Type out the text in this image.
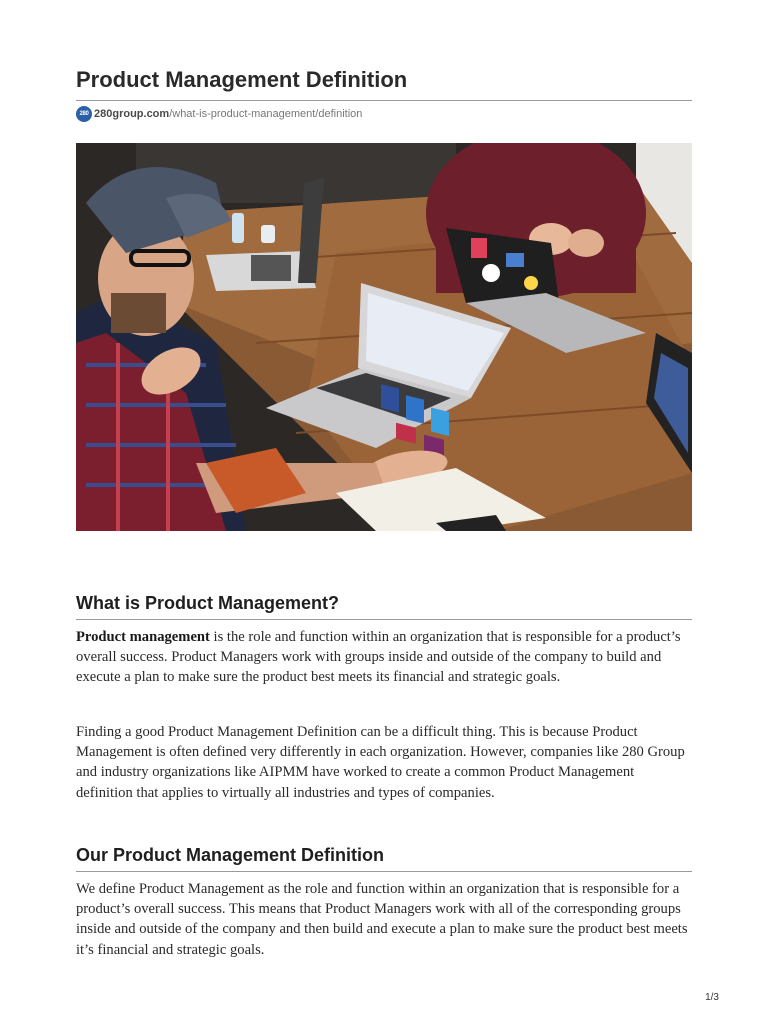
Product Management Definition
280 280group.com /what-is-product-management/definition
What is Product Management?

Product management is the role and function within an organization that is responsible for a product’s overall success. Product Managers work with groups inside and outside of the company to build and execute a plan to make sure the product best meets its financial and strategic goals.

Finding a good Product Management Definition can be a difficult thing. This is because Product Management is often defined very differently in each organization. However, companies like 280 Group and industry organizations like AIPMM have worked to create a common Product Management definition that applies to virtually all industries and types of companies.

Our Product Management Definition

We define Product Management as the role and function within an organization that is responsible for a product’s overall success. This means that Product Managers work with all of the corresponding groups inside and outside of the company and then build and execute a plan to make sure the product best meets it’s financial and strategic goals.

1/3
